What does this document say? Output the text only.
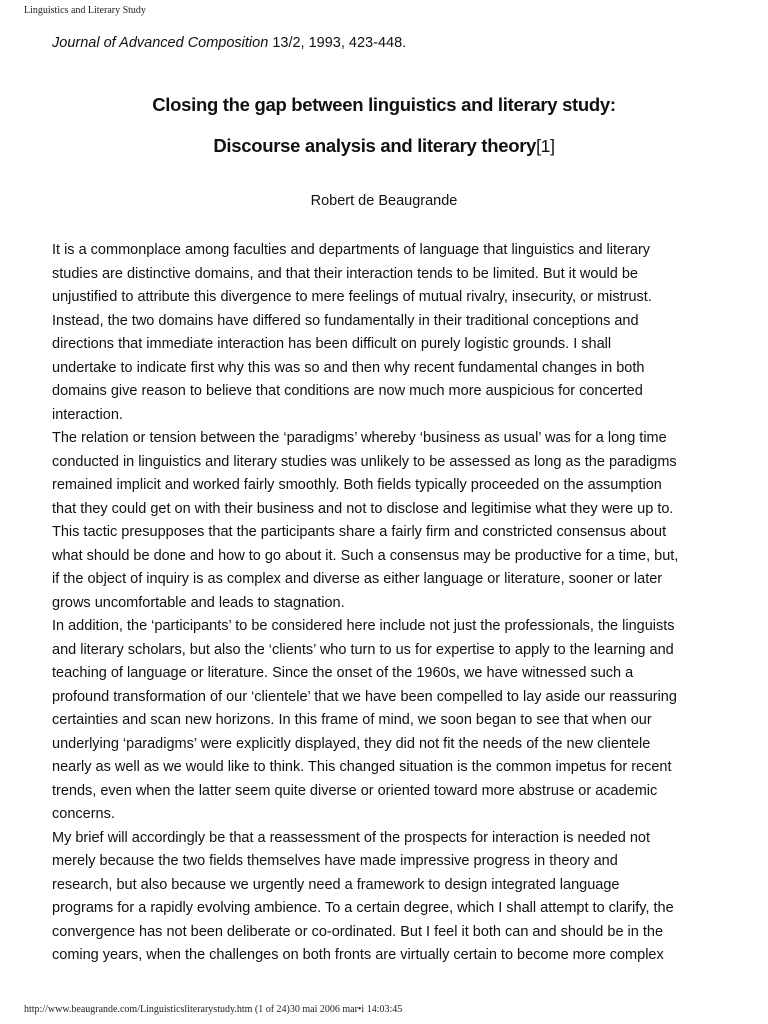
Linguistics and Literary Study
Journal of Advanced Composition 13/2, 1993, 423-448.
Closing the gap between linguistics and literary study:
Discourse analysis and literary theory[1]
Robert de Beaugrande
It is a commonplace among faculties and departments of language that linguistics and literary
studies are distinctive domains, and that their interaction tends to be limited. But it would be
unjustified to attribute this divergence to mere feelings of mutual rivalry, insecurity, or mistrust.
Instead, the two domains have differed so fundamentally in their traditional conceptions and
directions that immediate interaction has been difficult on purely logistic grounds. I shall
undertake to indicate first why this was so and then why recent fundamental changes in both
domains give reason to believe that conditions are now much more auspicious for concerted
interaction.
The relation or tension between the ‘paradigms’ whereby ‘business as usual’ was for a long time
conducted in linguistics and literary studies was unlikely to be assessed as long as the paradigms
remained implicit and worked fairly smoothly. Both fields typically proceeded on the assumption
that they could get on with their business and not to disclose and legitimise what they were up to.
This tactic presupposes that the participants share a fairly firm and constricted consensus about
what should be done and how to go about it. Such a consensus may be productive for a time, but,
if the object of inquiry is as complex and diverse as either language or literature, sooner or later
grows uncomfortable and leads to stagnation.
In addition, the ‘participants’ to be considered here include not just the professionals, the linguists
and literary scholars, but also the ‘clients’ who turn to us for expertise to apply to the learning and
teaching of language or literature. Since the onset of the 1960s, we have witnessed such a
profound transformation of our ‘clientele’ that we have been compelled to lay aside our reassuring
certainties and scan new horizons. In this frame of mind, we soon began to see that when our
underlying ‘paradigms’ were explicitly displayed, they did not fit the needs of the new clientele
nearly as well as we would like to think. This changed situation is the common impetus for recent
trends, even when the latter seem quite diverse or oriented toward more abstruse or academic
concerns.
My brief will accordingly be that a reassessment of the prospects for interaction is needed not
merely because the two fields themselves have made impressive progress in theory and
research, but also because we urgently need a framework to design integrated language
programs for a rapidly evolving ambience. To a certain degree, which I shall attempt to clarify, the
convergence has not been deliberate or co-ordinated. But I feel it both can and should be in the
coming years, when the challenges on both fronts are virtually certain to become more complex
http://www.beaugrande.com/Linguisticsliterarystudy.htm (1 of 24)30 mai 2006 mar•i 14:03:45
